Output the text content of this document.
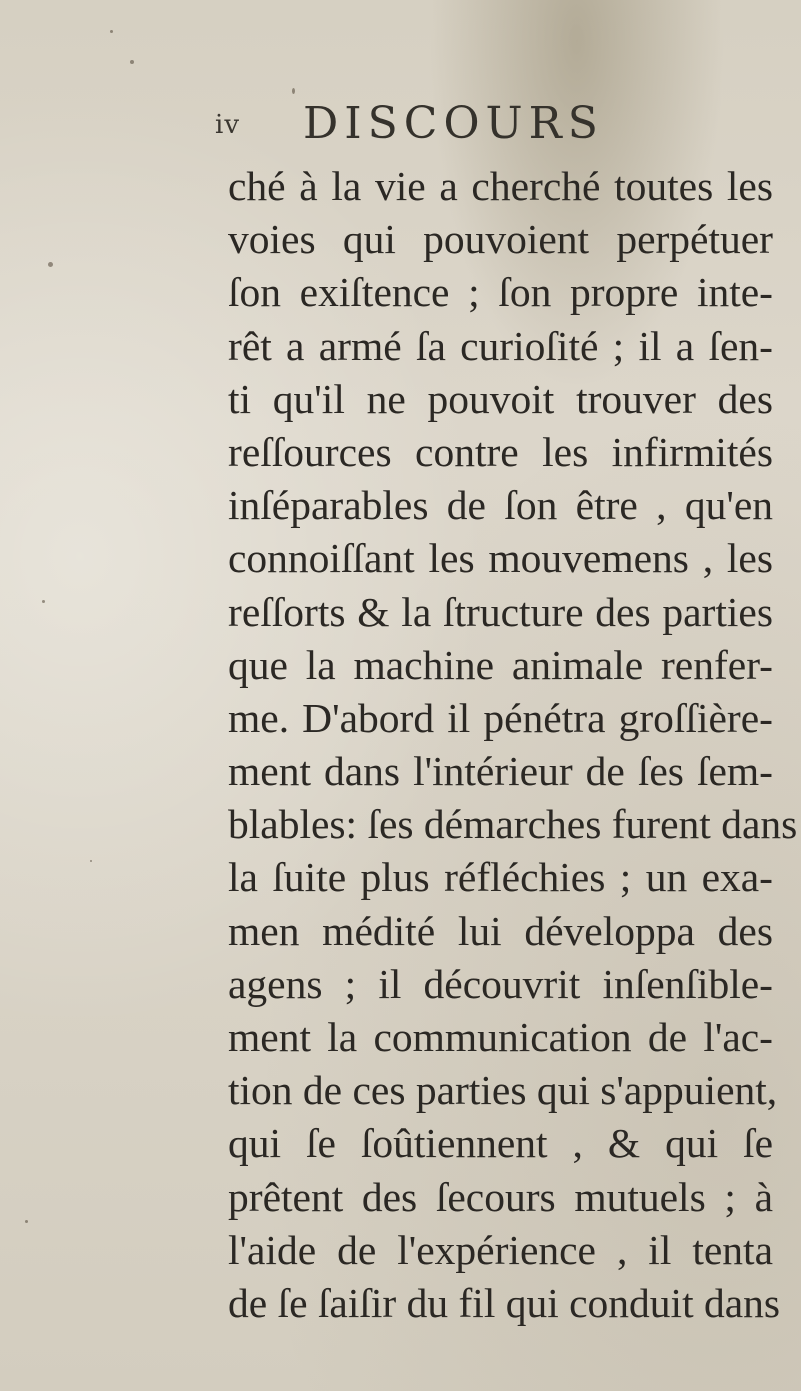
iv DISCOURS
ché à la vie a cherché toutes les
voies qui pouvoient perpétuer
ſon exiſtence ; ſon propre inte-
rêt a armé ſa curioſité ; il a ſen-
ti qu'il ne pouvoit trouver des
reſſources contre les infirmités
inſéparables de ſon être , qu'en
connoiſſant les mouvemens , les
reſſorts & la ſtructure des parties
que la machine animale renfer-
me. D'abord il pénétra groſſière-
ment dans l'intérieur de ſes ſem-
blables: ſes démarches furent dans
la ſuite plus réfléchies ; un exa-
men médité lui développa des
agens ; il découvrit inſenſible-
ment la communication de l'ac-
tion de ces parties qui s'appuient,
qui ſe ſoûtiennent , & qui ſe
prêtent des ſecours mutuels ; à
l'aide de l'expérience , il tenta
de ſe ſaiſir du fil qui conduit dans
